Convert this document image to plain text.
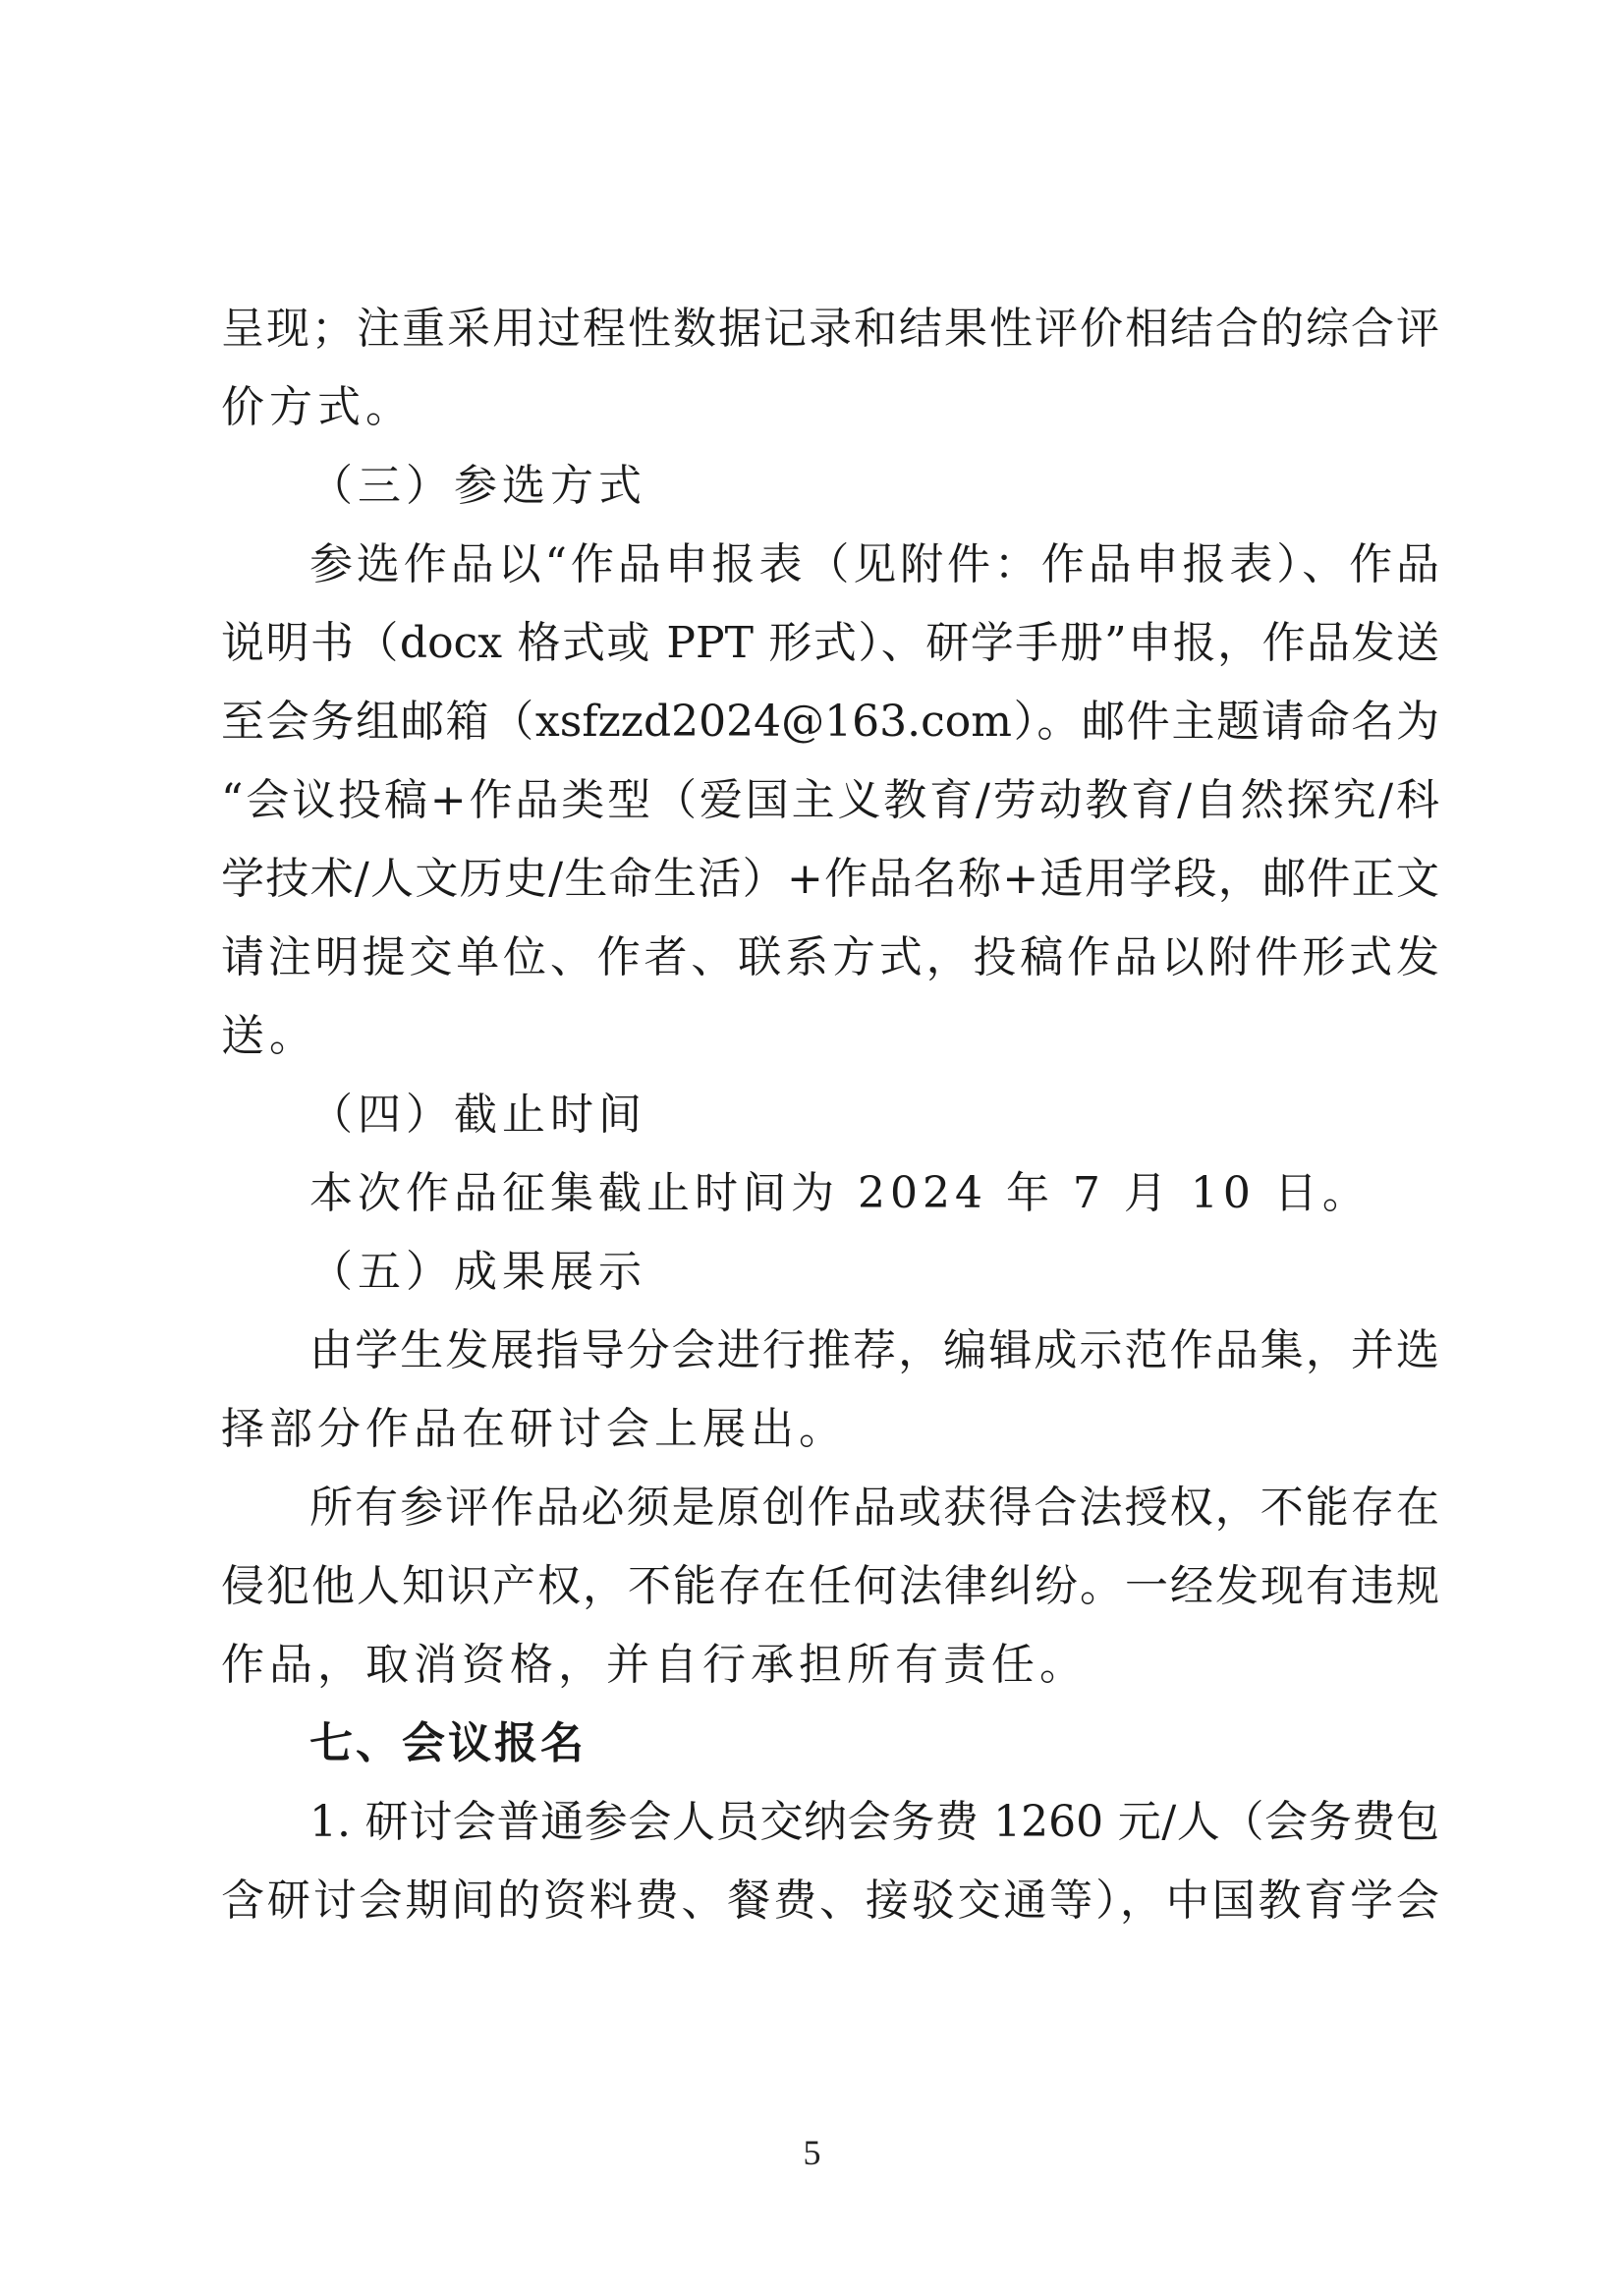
呈现；注重采用过程性数据记录和结果性评价相结合的综合评

价方式。

（三）参选方式

参选作品以“作品申报表（见附件：作品申报表）、作品

说明书（docx 格式或 PPT 形式）、研学手册”申报，作品发送

至会务组邮箱（xsfzzd2024@163.com）。邮件主题请命名为

“会议投稿+作品类型（爱国主义教育/劳动教育/自然探究/科

学技术/人文历史/生命生活）+作品名称+适用学段，邮件正文

请注明提交单位、作者、联系方式，投稿作品以附件形式发

送。

（四）截止时间

本次作品征集截止时间为 2024 年 7 月 10 日。

（五）成果展示

由学生发展指导分会进行推荐，编辑成示范作品集，并选

择部分作品在研讨会上展出。

所有参评作品必须是原创作品或获得合法授权，不能存在

侵犯他人知识产权，不能存在任何法律纠纷。一经发现有违规

作品，取消资格，并自行承担所有责任。

七、会议报名

1. 研讨会普通参会人员交纳会务费 1260 元/人（会务费包

含研讨会期间的资料费、餐费、接驳交通等），中国教育学会

5
